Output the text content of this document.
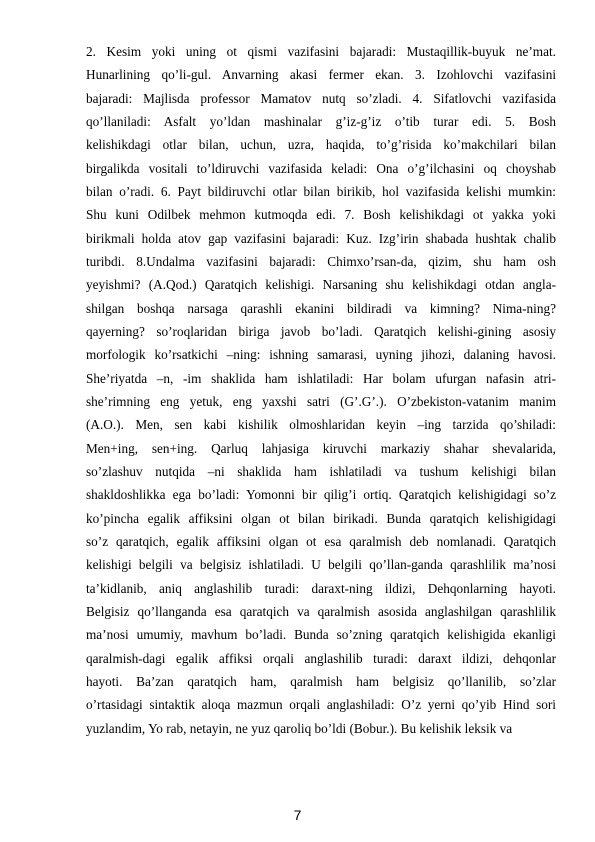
2. Kesim yoki uning ot qismi vazifasini bajaradi: Mustaqillik-buyuk ne’mat.
Hunarlining qo’li-gul. Anvarning akasi fermer ekan. 3. Izohlovchi vazifasini
bajaradi: Majlisda professor Mamatov nutq so’zladi. 4. Sifatlovchi vazifasida
qo’llaniladi: Asfalt yo’ldan mashinalar g’iz-g’iz o’tib turar edi. 5. Bosh
kelishikdagi otlar bilan, uchun, uzra, haqida, to’g’risida ko’makchilari bilan
birgalikda vositali to’ldiruvchi vazifasida keladi: Ona o’g’ilchasini oq choyshab
bilan o’radi. 6. Payt bildiruvchi otlar bilan birikib, hol vazifasida kelishi mumkin:
Shu kuni Odilbek mehmon kutmoqda edi. 7. Bosh kelishikdagi ot yakka yoki
birikmali holda atov gap vazifasini bajaradi: Kuz. Izg’irin shabada hushtak chalib
turibdi. 8.Undalma vazifasini bajaradi: Chimxo’rsan-da, qizim, shu ham osh
yeyishmi? (A.Qod.) Qaratqich kelishigi. Narsaning shu kelishikdagi otdan angla-
shilgan boshqa narsaga qarashli ekanini bildiradi va kimning? Nima-ning?
qayerning? so’roqlaridan biriga javob bo’ladi. Qaratqich kelishi-gining asosiy
morfologik ko’rsatkichi –ning: ishning samarasi, uyning jihozi, dalaning havosi.
She’riyatda –n, -im shaklida ham ishlatiladi: Har bolam ufurgan nafasin atri-
she’rimning eng yetuk, eng yaxshi satri (G’.G’.). O’zbekiston-vatanim manim
(A.O.). Men, sen kabi kishilik olmoshlaridan keyin –ing tarzida qo’shiladi:
Men+ing, sen+ing. Qarluq lahjasiga kiruvchi markaziy shahar shevalarida,
so’zlashuv nutqida –ni shaklida ham ishlatiladi va tushum kelishigi bilan
shakldoshlikka ega bo’ladi: Yomonni bir qilig’i ortiq. Qaratqich kelishigidagi so’z
ko’pincha egalik affiksini olgan ot bilan birikadi. Bunda qaratqich kelishigidagi
so’z qaratqich, egalik affiksini olgan ot esa qaralmish deb nomlanadi. Qaratqich
kelishigi belgili va belgisiz ishlatiladi. U belgili qo’llan-ganda qarashlilik ma’nosi
ta’kidlanib, aniq anglashilib turadi: daraxt-ning ildizi, Dehqonlarning hayoti.
Belgisiz qo’llanganda esa qaratqich va qaralmish asosida anglashilgan qarashlilik
ma’nosi umumiy, mavhum bo’ladi. Bunda so’zning qaratqich kelishigida ekanligi
qaralmish-dagi egalik affiksi orqali anglashilib turadi: daraxt ildizi, dehqonlar
hayoti. Ba’zan qaratqich ham, qaralmish ham belgisiz qo’llanilib, so’zlar
o’rtasidagi sintaktik aloqa mazmun orqali anglashiladi: O’z yerni qo’yib Hind sori
yuzlandim, Yo rab, netayin, ne yuz qaroliq bo’ldi (Bobur.). Bu kelishik leksik va
7
